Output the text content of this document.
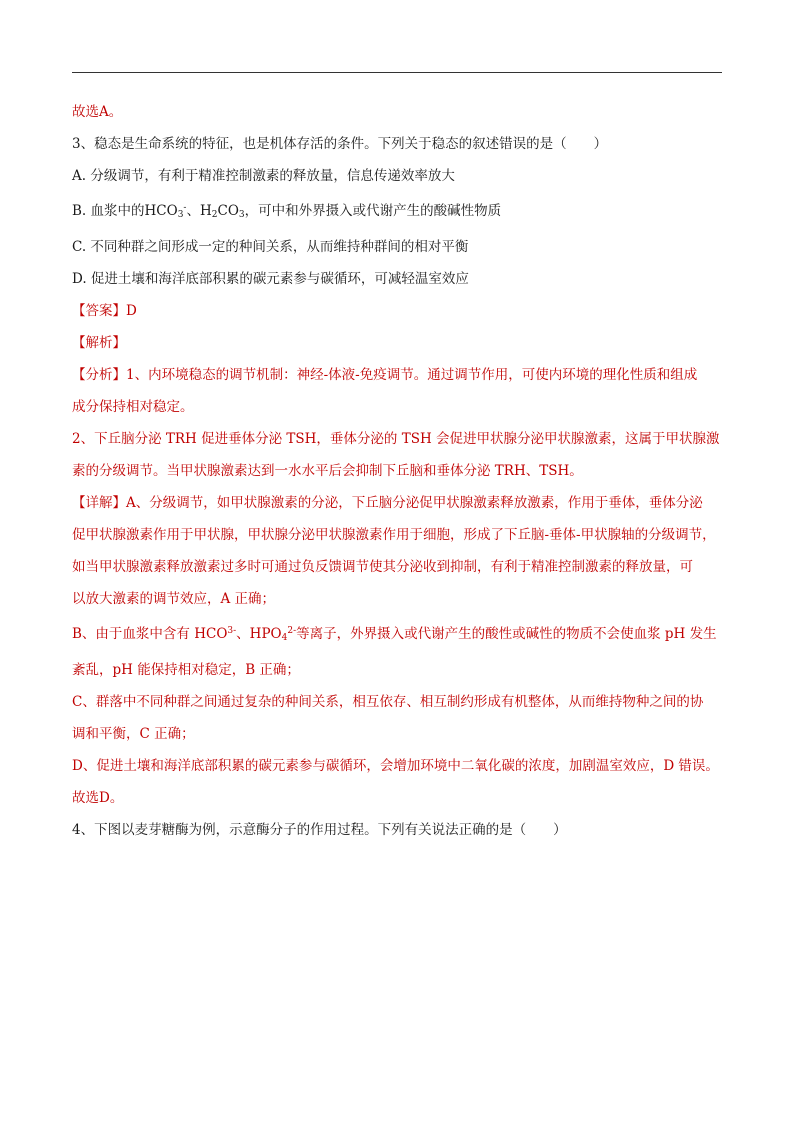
故选A。

3、稳态是生命系统的特征，也是机体存活的条件。下列关于稳态的叙述错误的是（　　）

A. 分级调节，有利于精准控制激素的释放量，信息传递效率放大

B. 血浆中的$HCO_3^-$、$H_2CO_3$，可中和外界摄入或代谢产生的酸碱性物质

C. 不同种群之间形成一定的种间关系，从而维持种群间的相对平衡

D. 促进土壤和海洋底部积累的碳元素参与碳循环，可减轻温室效应

【答案】D

【解析】

【分析】1、内环境稳态的调节机制：神经-体液-免疫调节。通过调节作用，可使内环境的理化性质和组成

成分保持相对稳定。

2、下丘脑分泌 TRH 促进垂体分泌 TSH，垂体分泌的 TSH 会促进甲状腺分泌甲状腺激素，这属于甲状腺激

素的分级调节。当甲状腺激素达到一水水平后会抑制下丘脑和垂体分泌 TRH、TSH。

【详解】A、分级调节，如甲状腺激素的分泌，下丘脑分泌促甲状腺激素释放激素，作用于垂体，垂体分泌

促甲状腺激素作用于甲状腺，甲状腺分泌甲状腺激素作用于细胞，形成了下丘脑-垂体-甲状腺轴的分级调节，

如当甲状腺激素释放激素过多时可通过负反馈调节使其分泌收到抑制，有利于精准控制激素的释放量，可

以放大激素的调节效应，A 正确；

B、由于血浆中含有 $HCO^{3-}$、$HPO_4^{2-}$等离子，外界摄入或代谢产生的酸性或碱性的物质不会使血浆 pH 发生

紊乱，pH 能保持相对稳定，B 正确；

C、群落中不同种群之间通过复杂的种间关系，相互依存、相互制约形成有机整体，从而维持物种之间的协

调和平衡，C 正确；

D、促进土壤和海洋底部积累的碳元素参与碳循环，会增加环境中二氧化碳的浓度，加剧温室效应，D 错误。

故选D。

4、下图以麦芽糖酶为例，示意酶分子的作用过程。下列有关说法正确的是（　　）
